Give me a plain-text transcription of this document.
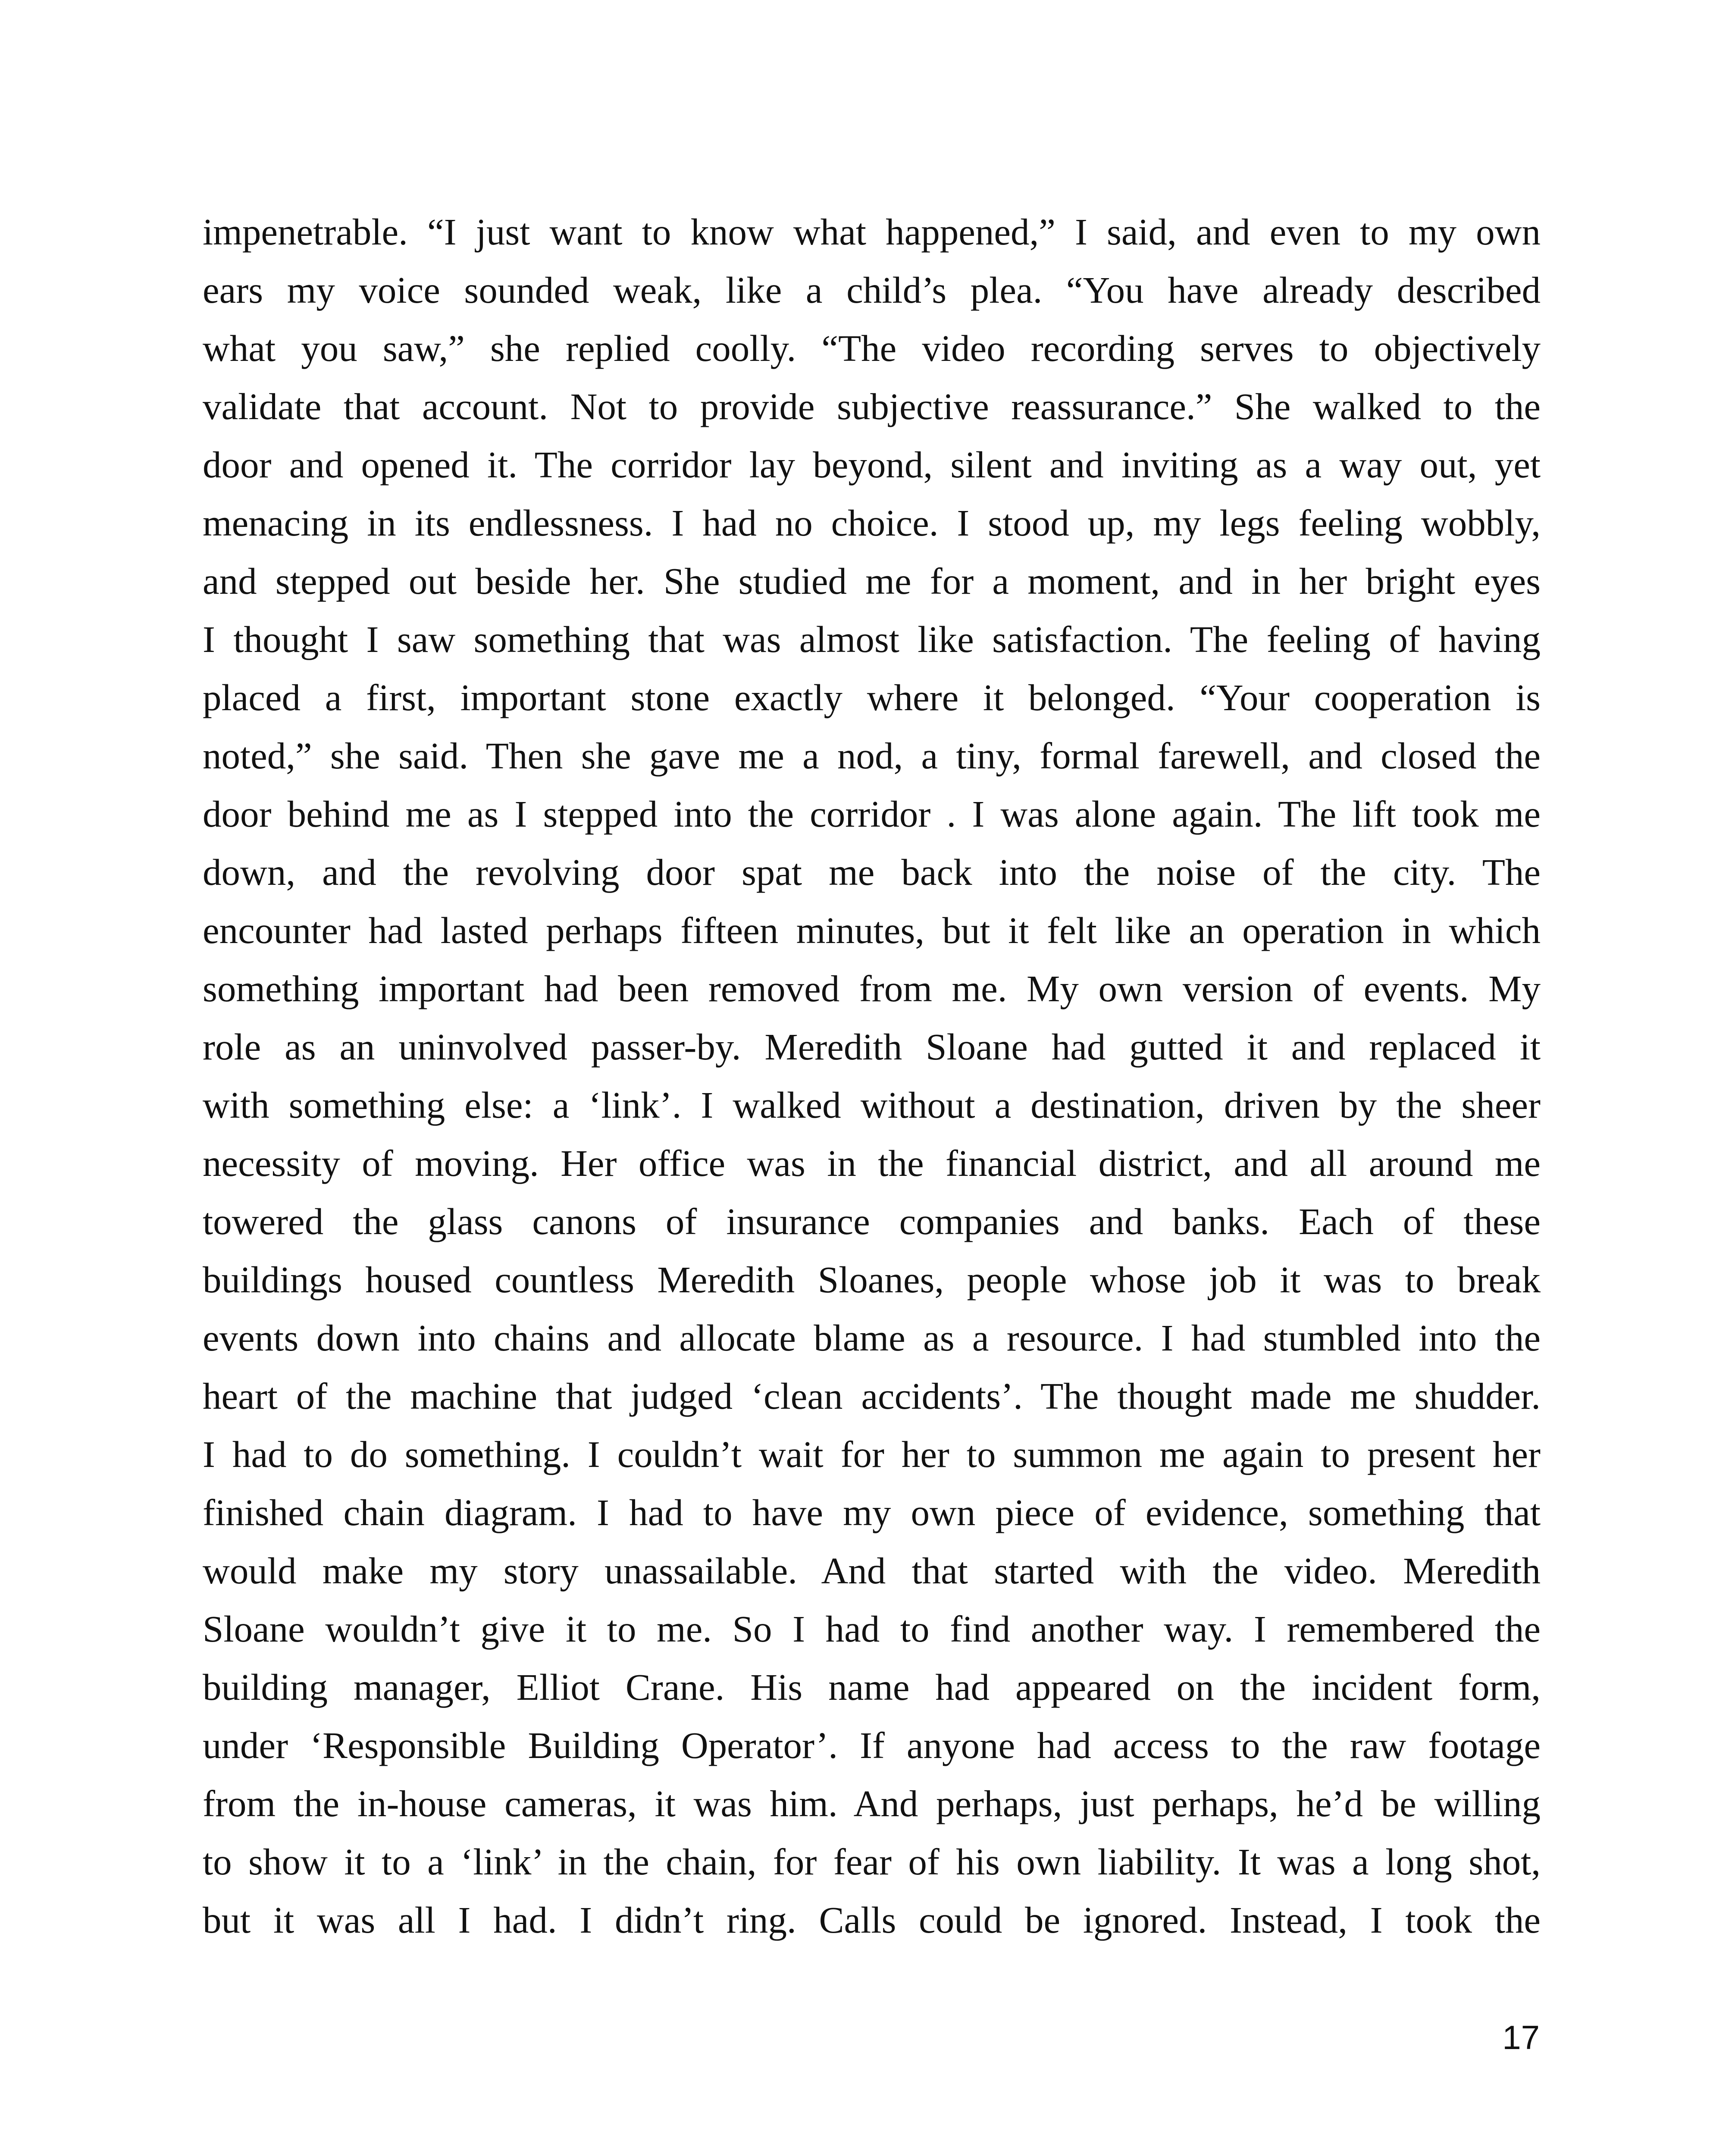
impenetrable. “I just want to know what happened,” I said, and even to my own
ears my voice sounded weak, like a child’s plea. “You have already described
what you saw,” she replied coolly. “The video recording serves to objectively
validate that account. Not to provide subjective reassurance.” She walked to the
door and opened it. The corridor lay beyond, silent and inviting as a way out, yet
menacing in its endlessness. I had no choice. I stood up, my legs feeling wobbly,
and stepped out beside her. She studied me for a moment, and in her bright eyes
I thought I saw something that was almost like satisfaction. The feeling of having
placed a first, important stone exactly where it belonged. “Your cooperation is
noted,” she said. Then she gave me a nod, a tiny, formal farewell, and closed the
door behind me as I stepped into the corridor . I was alone again. The lift took me
down, and the revolving door spat me back into the noise of the city. The
encounter had lasted perhaps fifteen minutes, but it felt like an operation in which
something important had been removed from me. My own version of events. My
role as an uninvolved passer-by. Meredith Sloane had gutted it and replaced it
with something else: a ‘link’. I walked without a destination, driven by the sheer
necessity of moving. Her office was in the financial district, and all around me
towered the glass canons of insurance companies and banks. Each of these
buildings housed countless Meredith Sloanes, people whose job it was to break
events down into chains and allocate blame as a resource. I had stumbled into the
heart of the machine that judged ‘clean accidents’. The thought made me shudder.
I had to do something. I couldn’t wait for her to summon me again to present her
finished chain diagram. I had to have my own piece of evidence, something that
would make my story unassailable. And that started with the video. Meredith
Sloane wouldn’t give it to me. So I had to find another way. I remembered the
building manager, Elliot Crane. His name had appeared on the incident form,
under ‘Responsible Building Operator’. If anyone had access to the raw footage
from the in-house cameras, it was him. And perhaps, just perhaps, he’d be willing
to show it to a ‘link’ in the chain, for fear of his own liability. It was a long shot,
but it was all I had. I didn’t ring. Calls could be ignored. Instead, I took the
17
